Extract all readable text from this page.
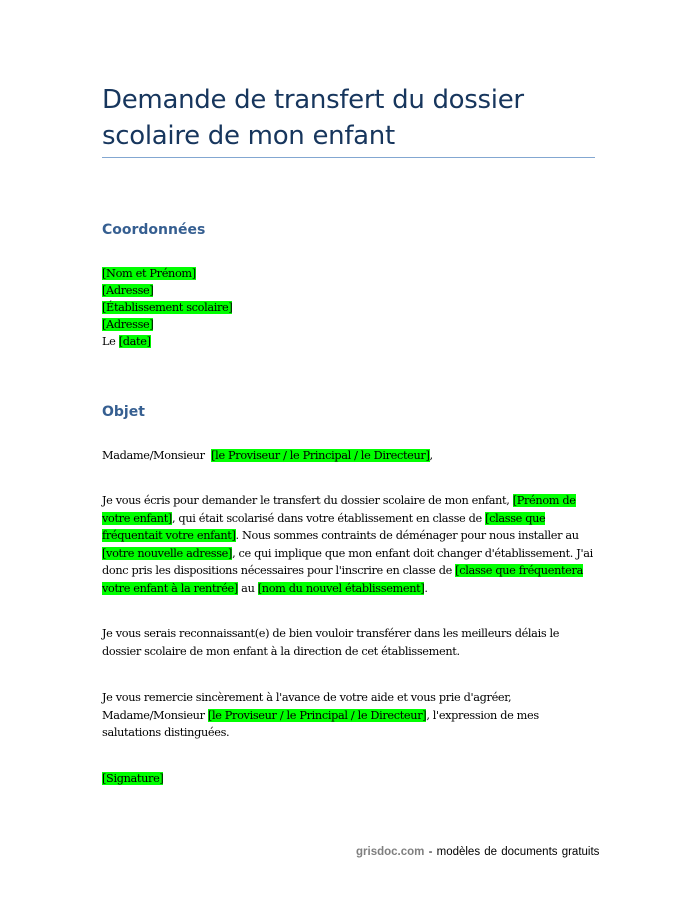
Demande de transfert du dossier
scolaire de mon enfant
Coordonnées
[Nom et Prénom]
[Adresse]
[Établissement scolaire]
[Adresse]
Le [date]
Objet
Madame/Monsieur  [le Proviseur / le Principal / le Directeur],
Je vous écris pour demander le transfert du dossier scolaire de mon enfant, [Prénom de votre enfant], qui était scolarisé dans votre établissement en classe de [classe que fréquentait votre enfant]. Nous sommes contraints de déménager pour nous installer au [votre nouvelle adresse], ce qui implique que mon enfant doit changer d'établissement. J'ai donc pris les dispositions nécessaires pour l'inscrire en classe de [classe que fréquentera votre enfant à la rentrée] au [nom du nouvel établissement].
Je vous serais reconnaissant(e) de bien vouloir transférer dans les meilleurs délais le dossier scolaire de mon enfant à la direction de cet établissement.
Je vous remercie sincèrement à l'avance de votre aide et vous prie d'agréer, Madame/Monsieur [le Proviseur / le Principal / le Directeur], l'expression de mes salutations distinguées.
[Signature]
grisdoc.com - modèles de documents gratuits
